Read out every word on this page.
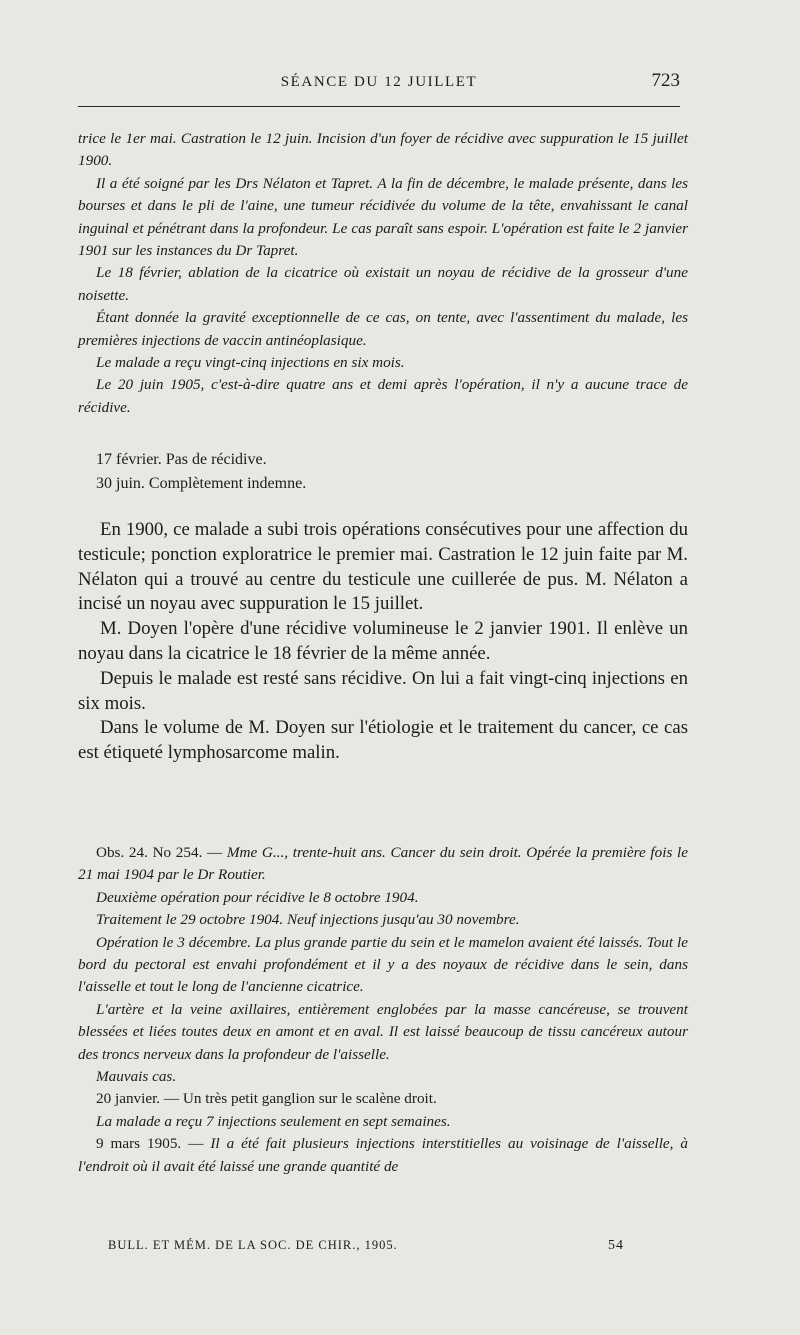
SÉANCE DU 12 JUILLET	723
trice le 1er mai. Castration le 12 juin. Incision d'un foyer de récidive avec suppuration le 15 juillet 1900.
Il a été soigné par les Drs Nélaton et Tapret. A la fin de décembre, le malade présente, dans les bourses et dans le pli de l'aine, une tumeur récidivée du volume de la tête, envahissant le canal inguinal et pénétrant dans la profondeur. Le cas paraît sans espoir. L'opération est faite le 2 janvier 1901 sur les instances du Dr Tapret.
Le 18 février, ablation de la cicatrice où existait un noyau de récidive de la grosseur d'une noisette.
Étant donnée la gravité exceptionnelle de ce cas, on tente, avec l'assentiment du malade, les premières injections de vaccin antinéoplasique.
Le malade a reçu vingt-cinq injections en six mois.
Le 20 juin 1905, c'est-à-dire quatre ans et demi après l'opération, il n'y a aucune trace de récidive.
17 février. Pas de récidive.
30 juin. Complètement indemne.
En 1900, ce malade a subi trois opérations consécutives pour une affection du testicule; ponction exploratrice le premier mai. Castration le 12 juin faite par M. Nélaton qui a trouvé au centre du testicule une cuillerée de pus. M. Nélaton a incisé un noyau avec suppuration le 15 juillet.
M. Doyen l'opère d'une récidive volumineuse le 2 janvier 1901. Il enlève un noyau dans la cicatrice le 18 février de la même année.
Depuis le malade est resté sans récidive. On lui a fait vingt-cinq injections en six mois.
Dans le volume de M. Doyen sur l'étiologie et le traitement du cancer, ce cas est étiqueté lymphosarcome malin.
Obs. 24. No 254. — Mme G..., trente-huit ans. Cancer du sein droit. Opérée la première fois le 21 mai 1904 par le Dr Routier.
Deuxième opération pour récidive le 8 octobre 1904.
Traitement le 29 octobre 1904. Neuf injections jusqu'au 30 novembre.
Opération le 3 décembre. La plus grande partie du sein et le mamelon avaient été laissés. Tout le bord du pectoral est envahi profondément et il y a des noyaux de récidive dans le sein, dans l'aisselle et tout le long de l'ancienne cicatrice.
L'artère et la veine axillaires, entièrement englobées par la masse cancéreuse, se trouvent blessées et liées toutes deux en amont et en aval. Il est laissé beaucoup de tissu cancéreux autour des troncs nerveux dans la profondeur de l'aisselle.
Mauvais cas.
20 janvier. — Un très petit ganglion sur le scalène droit.
La malade a reçu 7 injections seulement en sept semaines.
9 mars 1905. — Il a été fait plusieurs injections interstitielles au voisinage de l'aisselle, à l'endroit où il avait été laissé une grande quantité de
BULL. ET MÉM. DE LA SOC. DE CHIR., 1905.	54
